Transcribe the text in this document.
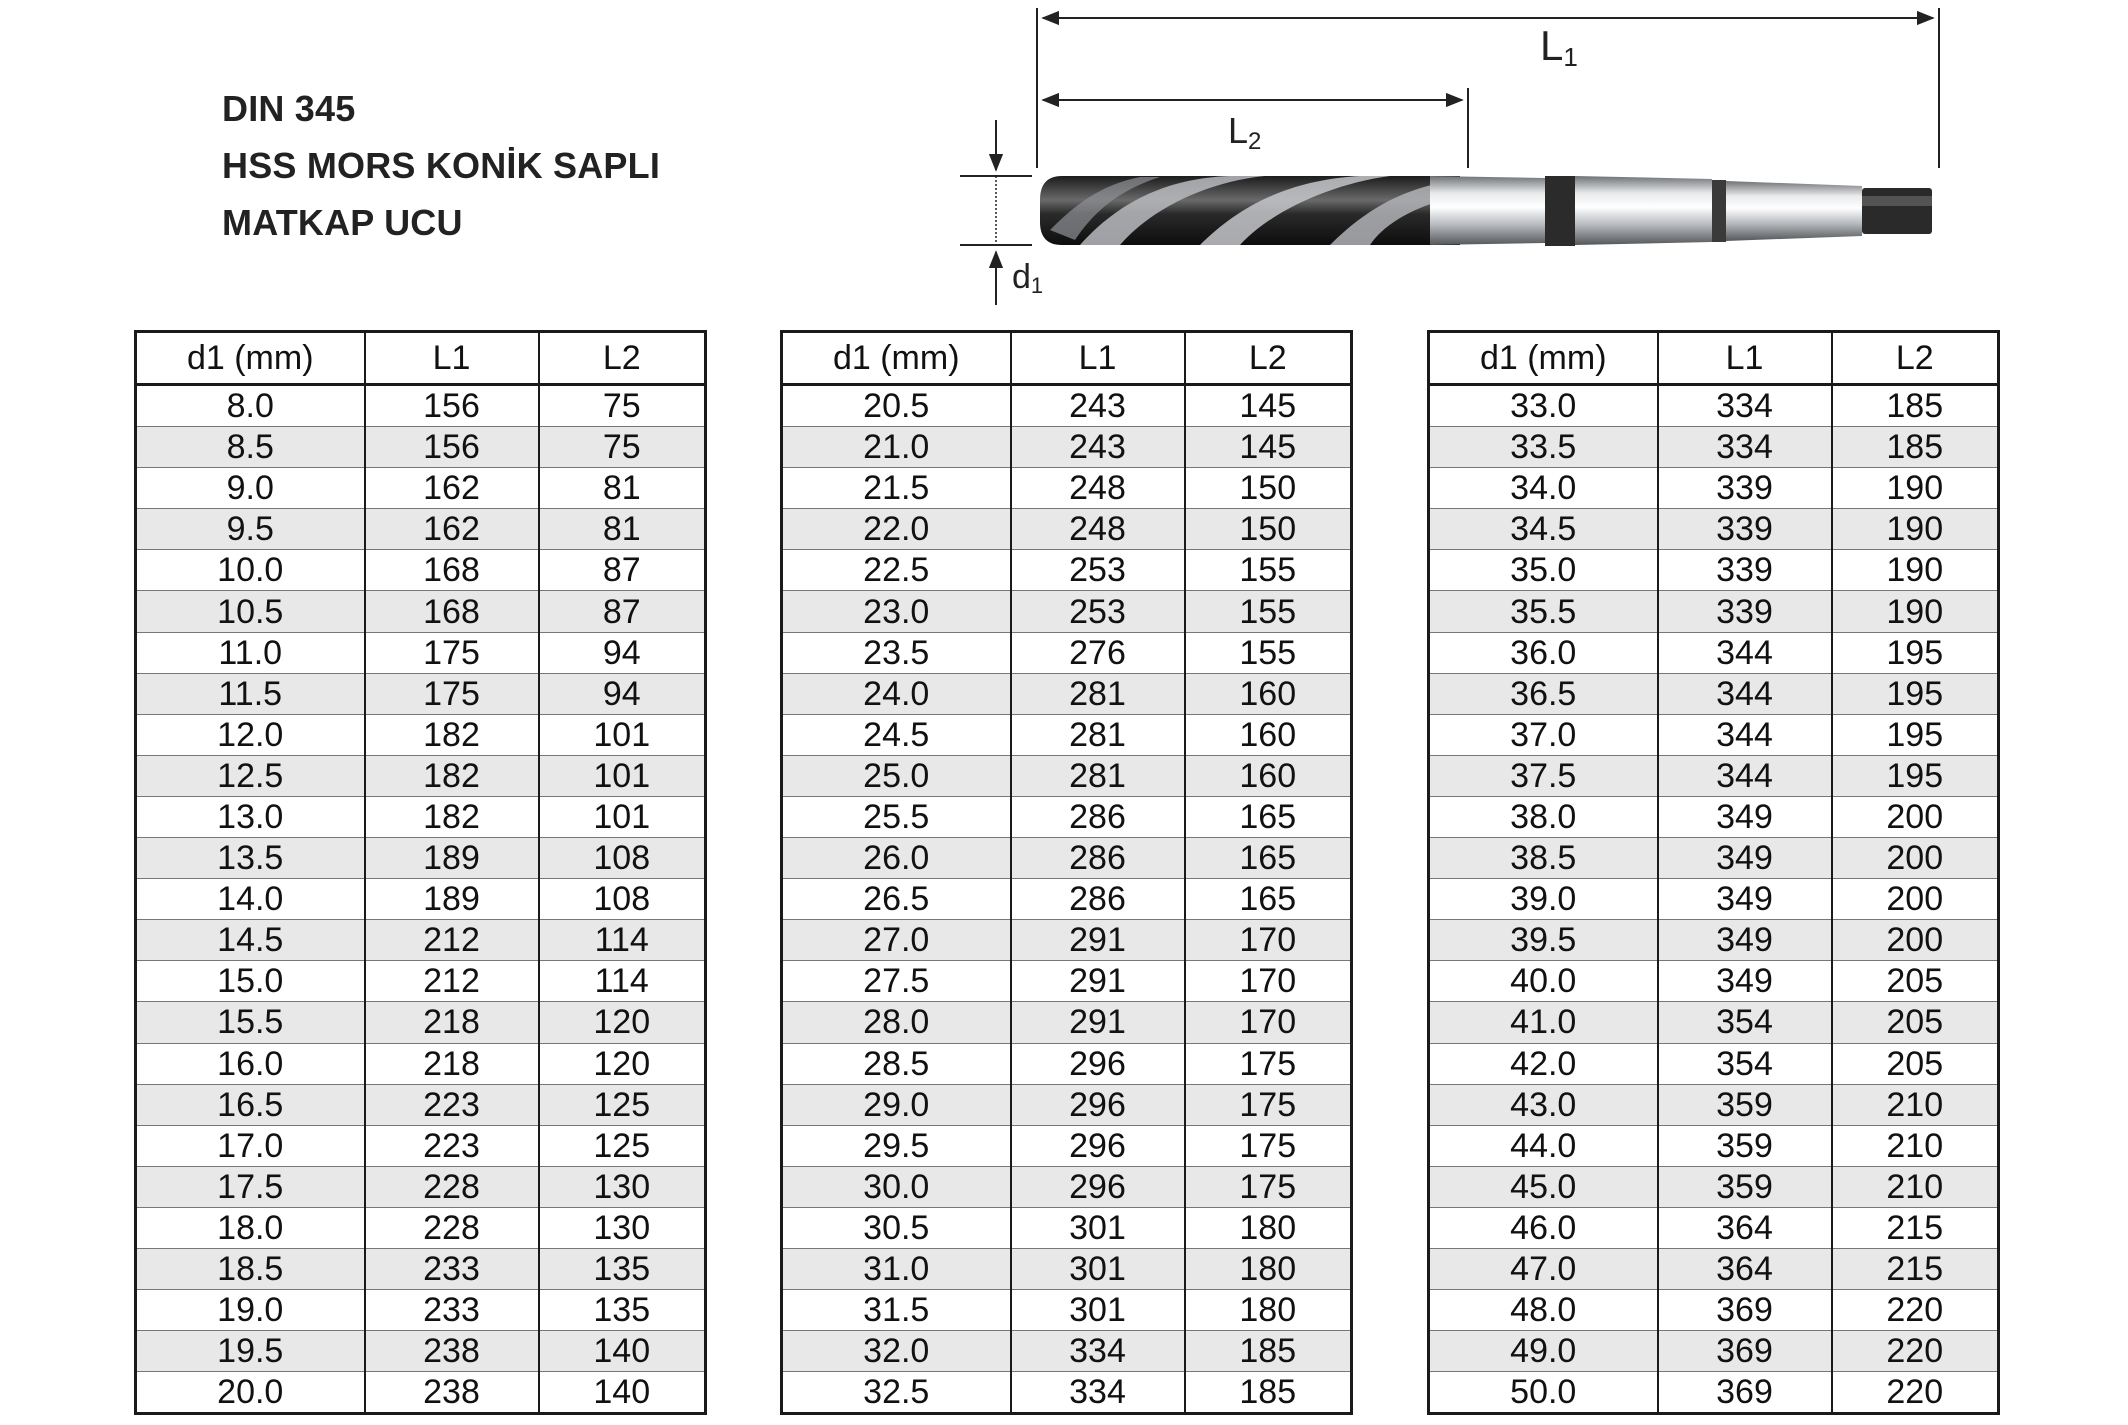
DIN 345
HSS MORS KONİK SAPLI
MATKAP UCU
L1
L2
d1
d1 (mm)	L1	L2
8.0	156	75
8.5	156	75
9.0	162	81
9.5	162	81
10.0	168	87
10.5	168	87
11.0	175	94
11.5	175	94
12.0	182	101
12.5	182	101
13.0	182	101
13.5	189	108
14.0	189	108
14.5	212	114
15.0	212	114
15.5	218	120
16.0	218	120
16.5	223	125
17.0	223	125
17.5	228	130
18.0	228	130
18.5	233	135
19.0	233	135
19.5	238	140
20.0	238	140
d1 (mm)	L1	L2
20.5	243	145
21.0	243	145
21.5	248	150
22.0	248	150
22.5	253	155
23.0	253	155
23.5	276	155
24.0	281	160
24.5	281	160
25.0	281	160
25.5	286	165
26.0	286	165
26.5	286	165
27.0	291	170
27.5	291	170
28.0	291	170
28.5	296	175
29.0	296	175
29.5	296	175
30.0	296	175
30.5	301	180
31.0	301	180
31.5	301	180
32.0	334	185
32.5	334	185
d1 (mm)	L1	L2
33.0	334	185
33.5	334	185
34.0	339	190
34.5	339	190
35.0	339	190
35.5	339	190
36.0	344	195
36.5	344	195
37.0	344	195
37.5	344	195
38.0	349	200
38.5	349	200
39.0	349	200
39.5	349	200
40.0	349	205
41.0	354	205
42.0	354	205
43.0	359	210
44.0	359	210
45.0	359	210
46.0	364	215
47.0	364	215
48.0	369	220
49.0	369	220
50.0	369	220
